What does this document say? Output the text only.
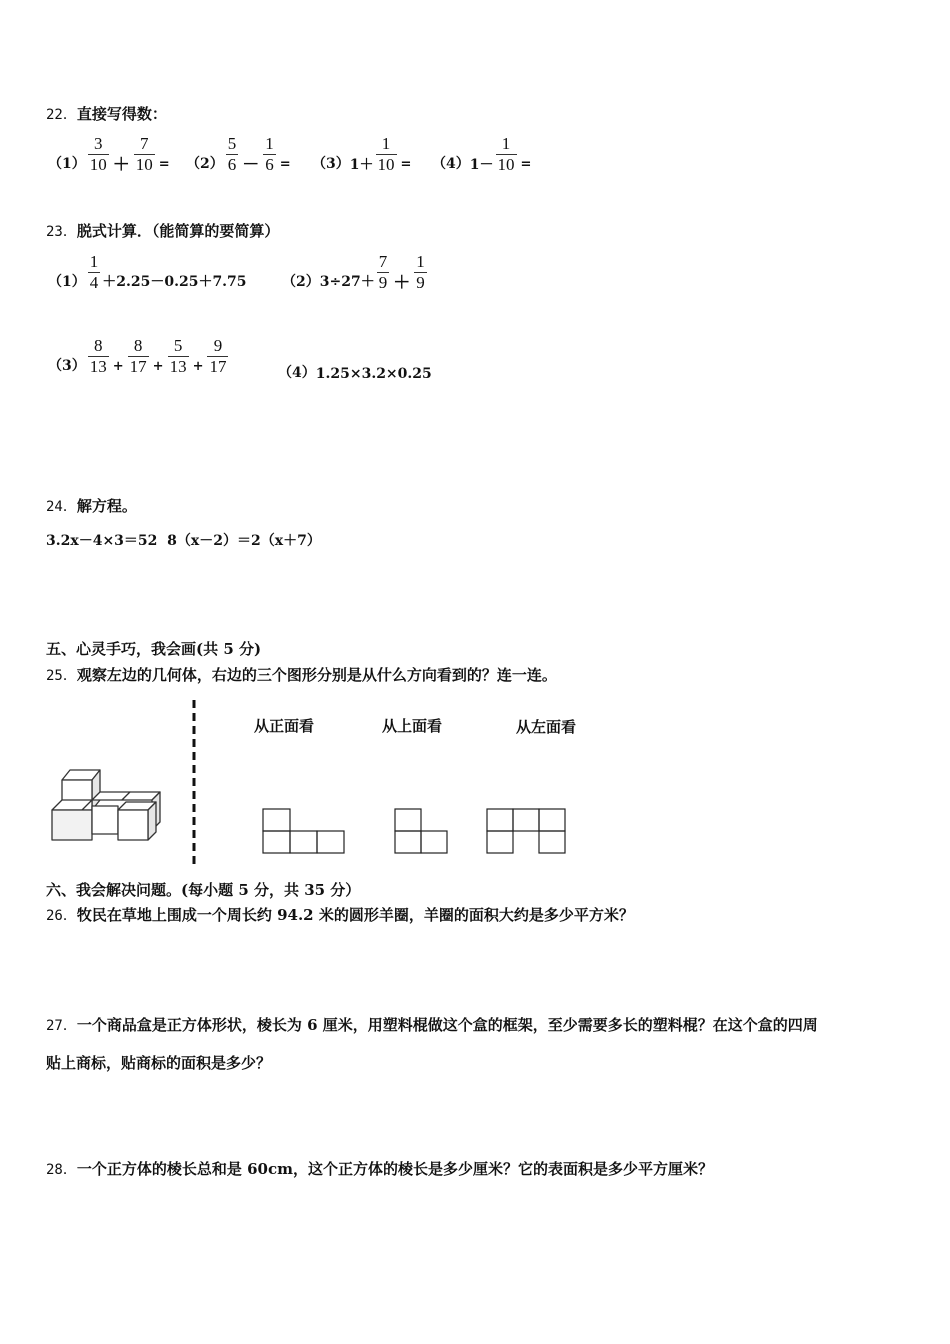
22．直接写得数：
$(1) \frac{3}{10} + \frac{7}{10} = (2) \frac{5}{6} - \frac{1}{6} = (3)$ $1+ \frac{1}{10} = (4)$ $1- \frac{1}{10}$ =
23．脱式计算．（能简算的要简算）
$(1) \frac{1}{4} +2.25-0.25+7.75$	（2） $3\div 27+ \frac{7}{9} + \frac{1}{9}$
$(3) \frac{8}{13} + \frac{8}{17} + \frac{5}{13} + \frac{9}{17}$	（4） 1.25×3.2×0.25
24．解方程。
3.2x－4×3＝52 8（x－2）＝2（x＋7）
五、心灵手巧，我会画(共 5 分)
25．观察左边的几何体，右边的三个图形分别是从什么方向看到的？连一连。
从正面看	从上面看	从左面看
六、我会解决问题。(每小题 5 分，共 35 分）
26．牧民在草地上围成一个周长约 94.2 米的圆形羊圈，羊圈的面积大约是多少平方米？
27．一个商品盒是正方体形状，棱长为 6 厘米，用塑料棍做这个盒的框架，至少需要多长的塑料棍？在这个盒的四周
贴上商标，贴商标的面积是多少？
28．一个正方体的棱长总和是 60cm，这个正方体的棱长是多少厘米？它的表面积是多少平方厘米？
